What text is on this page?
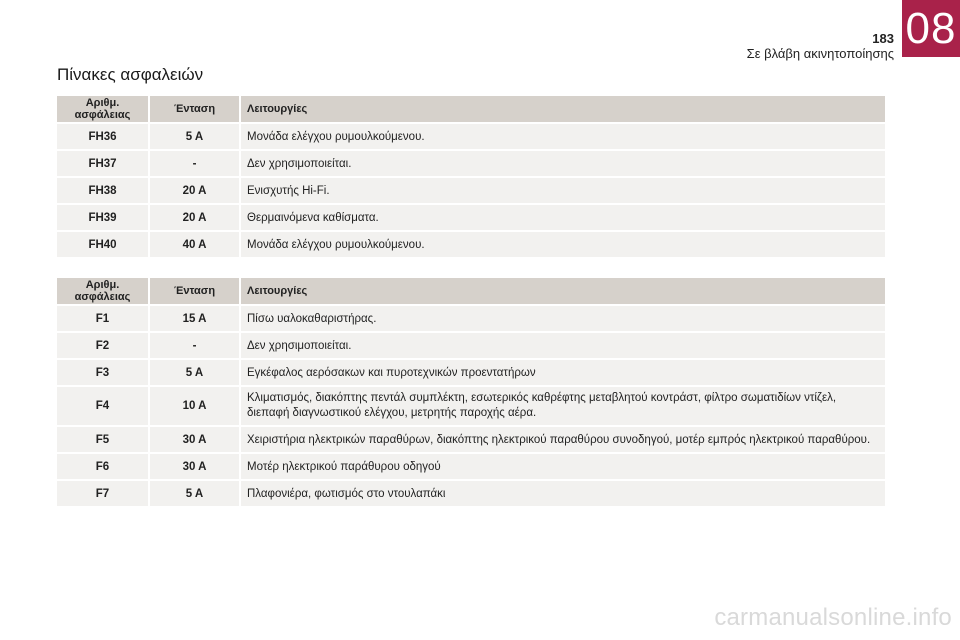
08
183
Σε βλάβη ακινητοποίησης
Πίνακες ασφαλειών
Αριθμ. ασφάλειας	Ένταση	Λειτουργίες
FH36	5 A	Μονάδα ελέγχου ρυμουλκούμενου.
FH37	-	Δεν χρησιμοποιείται.
FH38	20 A	Ενισχυτής Hi-Fi.
FH39	20 A	Θερμαινόμενα καθίσματα.
FH40	40 A	Μονάδα ελέγχου ρυμουλκούμενου.
Αριθμ. ασφάλειας	Ένταση	Λειτουργίες
F1	15 A	Πίσω υαλοκαθαριστήρας.
F2	-	Δεν χρησιμοποιείται.
F3	5 A	Εγκέφαλος αερόσακων και πυροτεχνικών προεντατήρων
F4	10 A	Κλιματισμός, διακόπτης πεντάλ συμπλέκτη, εσωτερικός καθρέφτης μεταβλητού κοντράστ, φίλτρο σωματιδίων ντίζελ, διεπαφή διαγνωστικού ελέγχου, μετρητής παροχής αέρα.
F5	30 A	Χειριστήρια ηλεκτρικών παραθύρων, διακόπτης ηλεκτρικού παραθύρου συνοδηγού, μοτέρ εμπρός ηλεκτρικού παραθύρου.
F6	30 A	Μοτέρ ηλεκτρικού παράθυρου οδηγού
F7	5 A	Πλαφονιέρα, φωτισμός στο ντουλαπάκι
carmanualsonline.info
